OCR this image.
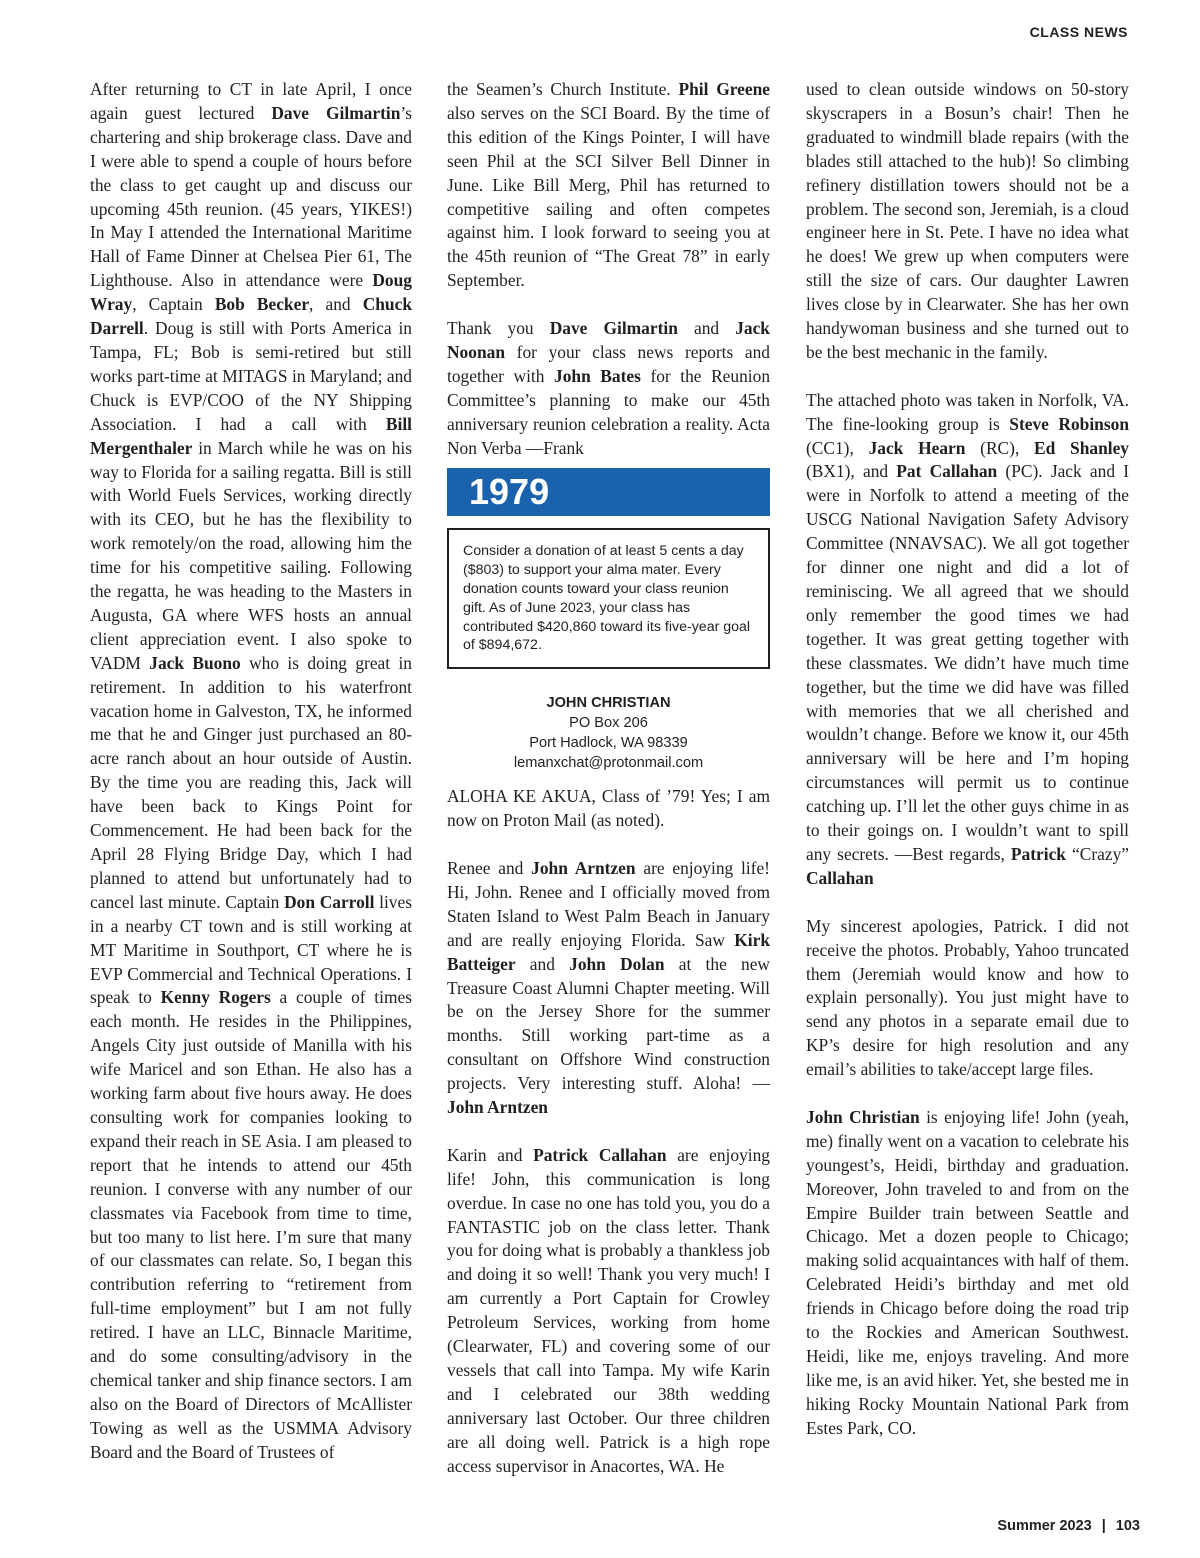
CLASS NEWS

After returning to CT in late April, I once again guest lectured Dave Gilmartin’s chartering and ship brokerage class. Dave and I were able to spend a couple of hours before the class to get caught up and discuss our upcoming 45th reunion. (45 years, YIKES!) In May I attended the International Maritime Hall of Fame Dinner at Chelsea Pier 61, The Lighthouse. Also in attendance were Doug Wray, Captain Bob Becker, and Chuck Darrell. Doug is still with Ports America in Tampa, FL; Bob is semi-retired but still works part-time at MITAGS in Maryland; and Chuck is EVP/COO of the NY Shipping Association. I had a call with Bill Mergenthaler in March while he was on his way to Florida for a sailing regatta. Bill is still with World Fuels Services, working directly with its CEO, but he has the flexibility to work remotely/on the road, allowing him the time for his competitive sailing. Following the regatta, he was heading to the Masters in Augusta, GA where WFS hosts an annual client appreciation event. I also spoke to VADM Jack Buono who is doing great in retirement. In addition to his waterfront vacation home in Galveston, TX, he informed me that he and Ginger just purchased an 80-acre ranch about an hour outside of Austin. By the time you are reading this, Jack will have been back to Kings Point for Commencement. He had been back for the April 28 Flying Bridge Day, which I had planned to attend but unfortunately had to cancel last minute. Captain Don Carroll lives in a nearby CT town and is still working at MT Maritime in Southport, CT where he is EVP Commercial and Technical Operations. I speak to Kenny Rogers a couple of times each month. He resides in the Philippines, Angels City just outside of Manilla with his wife Maricel and son Ethan. He also has a working farm about five hours away. He does consulting work for companies looking to expand their reach in SE Asia. I am pleased to report that he intends to attend our 45th reunion. I converse with any number of our classmates via Facebook from time to time, but too many to list here. I’m sure that many of our classmates can relate. So, I began this contribution referring to “retirement from full-time employment” but I am not fully retired. I have an LLC, Binnacle Maritime, and do some consulting/advisory in the chemical tanker and ship finance sectors. I am also on the Board of Directors of McAllister Towing as well as the USMMA Advisory Board and the Board of Trustees of

the Seamen’s Church Institute. Phil Greene also serves on the SCI Board. By the time of this edition of the Kings Pointer, I will have seen Phil at the SCI Silver Bell Dinner in June. Like Bill Merg, Phil has returned to competitive sailing and often competes against him. I look forward to seeing you at the 45th reunion of “The Great 78” in early September.

Thank you Dave Gilmartin and Jack Noonan for your class news reports and together with John Bates for the Reunion Committee’s planning to make our 45th anniversary reunion celebration a reality. Acta Non Verba —Frank

1979
Consider a donation of at least 5 cents a day ($803) to support your alma mater. Every donation counts toward your class reunion gift. As of June 2023, your class has contributed $420,860 toward its five-year goal of $894,672.
JOHN CHRISTIAN
PO Box 206
Port Hadlock, WA 98339
lemanxchat@protonmail.com

ALOHA KE AKUA, Class of ’79! Yes; I am now on Proton Mail (as noted).

Renee and John Arntzen are enjoying life! Hi, John. Renee and I officially moved from Staten Island to West Palm Beach in January and are really enjoying Florida. Saw Kirk Batteiger and John Dolan at the new Treasure Coast Alumni Chapter meeting. Will be on the Jersey Shore for the summer months. Still working part-time as a consultant on Offshore Wind construction projects. Very interesting stuff. Aloha! — John Arntzen

Karin and Patrick Callahan are enjoying life! John, this communication is long overdue. In case no one has told you, you do a FANTASTIC job on the class letter. Thank you for doing what is probably a thankless job and doing it so well! Thank you very much! I am currently a Port Captain for Crowley Petroleum Services, working from home (Clearwater, FL) and covering some of our vessels that call into Tampa. My wife Karin and I celebrated our 38th wedding anniversary last October. Our three children are all doing well. Patrick is a high rope access supervisor in Anacortes, WA. He

used to clean outside windows on 50-story skyscrapers in a Bosun’s chair! Then he graduated to windmill blade repairs (with the blades still attached to the hub)! So climbing refinery distillation towers should not be a problem. The second son, Jeremiah, is a cloud engineer here in St. Pete. I have no idea what he does! We grew up when computers were still the size of cars. Our daughter Lawren lives close by in Clearwater. She has her own handywoman business and she turned out to be the best mechanic in the family.

The attached photo was taken in Norfolk, VA. The fine-looking group is Steve Robinson (CC1), Jack Hearn (RC), Ed Shanley (BX1), and Pat Callahan (PC). Jack and I were in Norfolk to attend a meeting of the USCG National Navigation Safety Advisory Committee (NNAVSAC). We all got together for dinner one night and did a lot of reminiscing. We all agreed that we should only remember the good times we had together. It was great getting together with these classmates. We didn’t have much time together, but the time we did have was filled with memories that we all cherished and wouldn’t change. Before we know it, our 45th anniversary will be here and I’m hoping circumstances will permit us to continue catching up. I’ll let the other guys chime in as to their goings on. I wouldn’t want to spill any secrets. —Best regards, Patrick “Crazy” Callahan

My sincerest apologies, Patrick. I did not receive the photos. Probably, Yahoo truncated them (Jeremiah would know and how to explain personally). You just might have to send any photos in a separate email due to KP’s desire for high resolution and any email’s abilities to take/accept large files.

John Christian is enjoying life! John (yeah, me) finally went on a vacation to celebrate his youngest’s, Heidi, birthday and graduation. Moreover, John traveled to and from on the Empire Builder train between Seattle and Chicago. Met a dozen people to Chicago; making solid acquaintances with half of them. Celebrated Heidi’s birthday and met old friends in Chicago before doing the road trip to the Rockies and American Southwest. Heidi, like me, enjoys traveling. And more like me, is an avid hiker. Yet, she bested me in hiking Rocky Mountain National Park from Estes Park, CO.

Summer 2023 | 103
